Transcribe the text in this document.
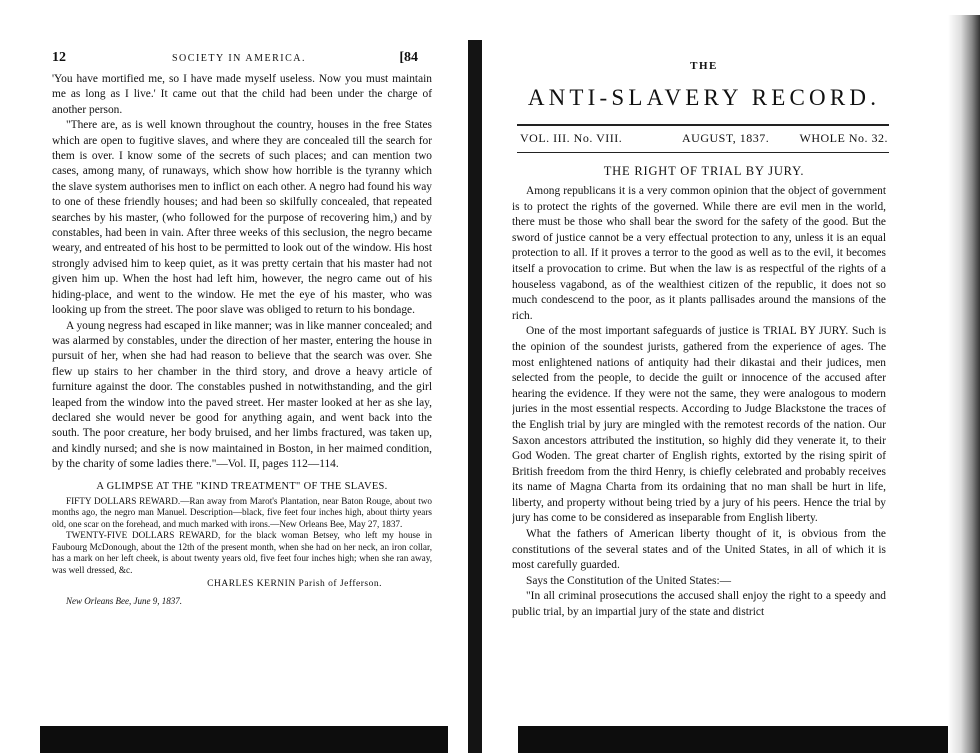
12	SOCIETY IN AMERICA.	[84

'You have mortified me, so I have made myself useless. Now you must maintain me as long as I live.' It came out that the child had been under the charge of another person.

"There are, as is well known throughout the country, houses in the free States which are open to fugitive slaves, and where they are concealed till the search for them is over. I know some of the secrets of such places; and can mention two cases, among many, of runaways, which show how horrible is the tyranny which the slave system authorises men to inflict on each other. A negro had found his way to one of these friendly houses; and had been so skilfully concealed, that repeated searches by his master, (who followed for the purpose of recovering him,) and by constables, had been in vain. After three weeks of this seclusion, the negro became weary, and entreated of his host to be permitted to look out of the window. His host strongly advised him to keep quiet, as it was pretty certain that his master had not given him up. When the host had left him, however, the negro came out of his hiding-place, and went to the window. He met the eye of his master, who was looking up from the street. The poor slave was obliged to return to his bondage.

A young negress had escaped in like manner; was in like manner concealed; and was alarmed by constables, under the direction of her master, entering the house in pursuit of her, when she had had reason to believe that the search was over. She flew up stairs to her chamber in the third story, and drove a heavy article of furniture against the door. The constables pushed in notwithstanding, and the girl leaped from the window into the paved street. Her master looked at her as she lay, declared she would never be good for anything again, and went back into the south. The poor creature, her body bruised, and her limbs fractured, was taken up, and kindly nursed; and she is now maintained in Boston, in her maimed condition, by the charity of some ladies there."—Vol. II, pages 112—114.

A GLIMPSE AT THE "KIND TREATMENT" OF THE SLAVES.

FIFTY DOLLARS REWARD.—Ran away from Marot's Plantation, near Baton Rouge, about two months ago, the negro man Manuel. Description—black, five feet four inches high, about thirty years old, one scar on the forehead, and much marked with irons.—New Orleans Bee, May 27, 1837.

TWENTY-FIVE DOLLARS REWARD, for the black woman Betsey, who left my house in Faubourg McDonough, about the 12th of the present month, when she had on her neck, an iron collar, has a mark on her left cheek, is about twenty years old, five feet four inches high; when she ran away, was well dressed, &c.

CHARLES KERNIN Parish of Jefferson.

New Orleans Bee, June 9, 1837.

THE
ANTI-SLAVERY RECORD.
VOL. III. No. VIII.	AUGUST, 1837.	WHOLE No. 32.
THE RIGHT OF TRIAL BY JURY.

Among republicans it is a very common opinion that the object of government is to protect the rights of the governed. While there are evil men in the world, there must be those who shall bear the sword for the safety of the good. But the sword of justice cannot be a very effectual protection to any, unless it is an equal protection to all. If it proves a terror to the good as well as to the evil, it becomes itself a provocation to crime. But when the law is as respectful of the rights of a houseless vagabond, as of the wealthiest citizen of the republic, it does not so much condescend to the poor, as it plants pallisades around the mansions of the rich.

One of the most important safeguards of justice is TRIAL BY JURY. Such is the opinion of the soundest jurists, gathered from the experience of ages. The most enlightened nations of antiquity had their dikastai and their judices, men selected from the people, to decide the guilt or innocence of the accused after hearing the evidence. If they were not the same, they were analogous to modern juries in the most essential respects. According to Judge Blackstone the traces of the English trial by jury are mingled with the remotest records of the nation. Our Saxon ancestors attributed the institution, so highly did they venerate it, to their God Woden. The great charter of English rights, extorted by the rising spirit of British freedom from the third Henry, is chiefly celebrated and probably receives its name of Magna Charta from its ordaining that no man shall be hurt in life, liberty, and property without being tried by a jury of his peers. Hence the trial by jury has come to be considered as inseparable from English liberty.

What the fathers of American liberty thought of it, is obvious from the constitutions of the several states and of the United States, in all of which it is most carefully guarded.

Says the Constitution of the United States:—

"In all criminal prosecutions the accused shall enjoy the right to a speedy and public trial, by an impartial jury of the state and district
